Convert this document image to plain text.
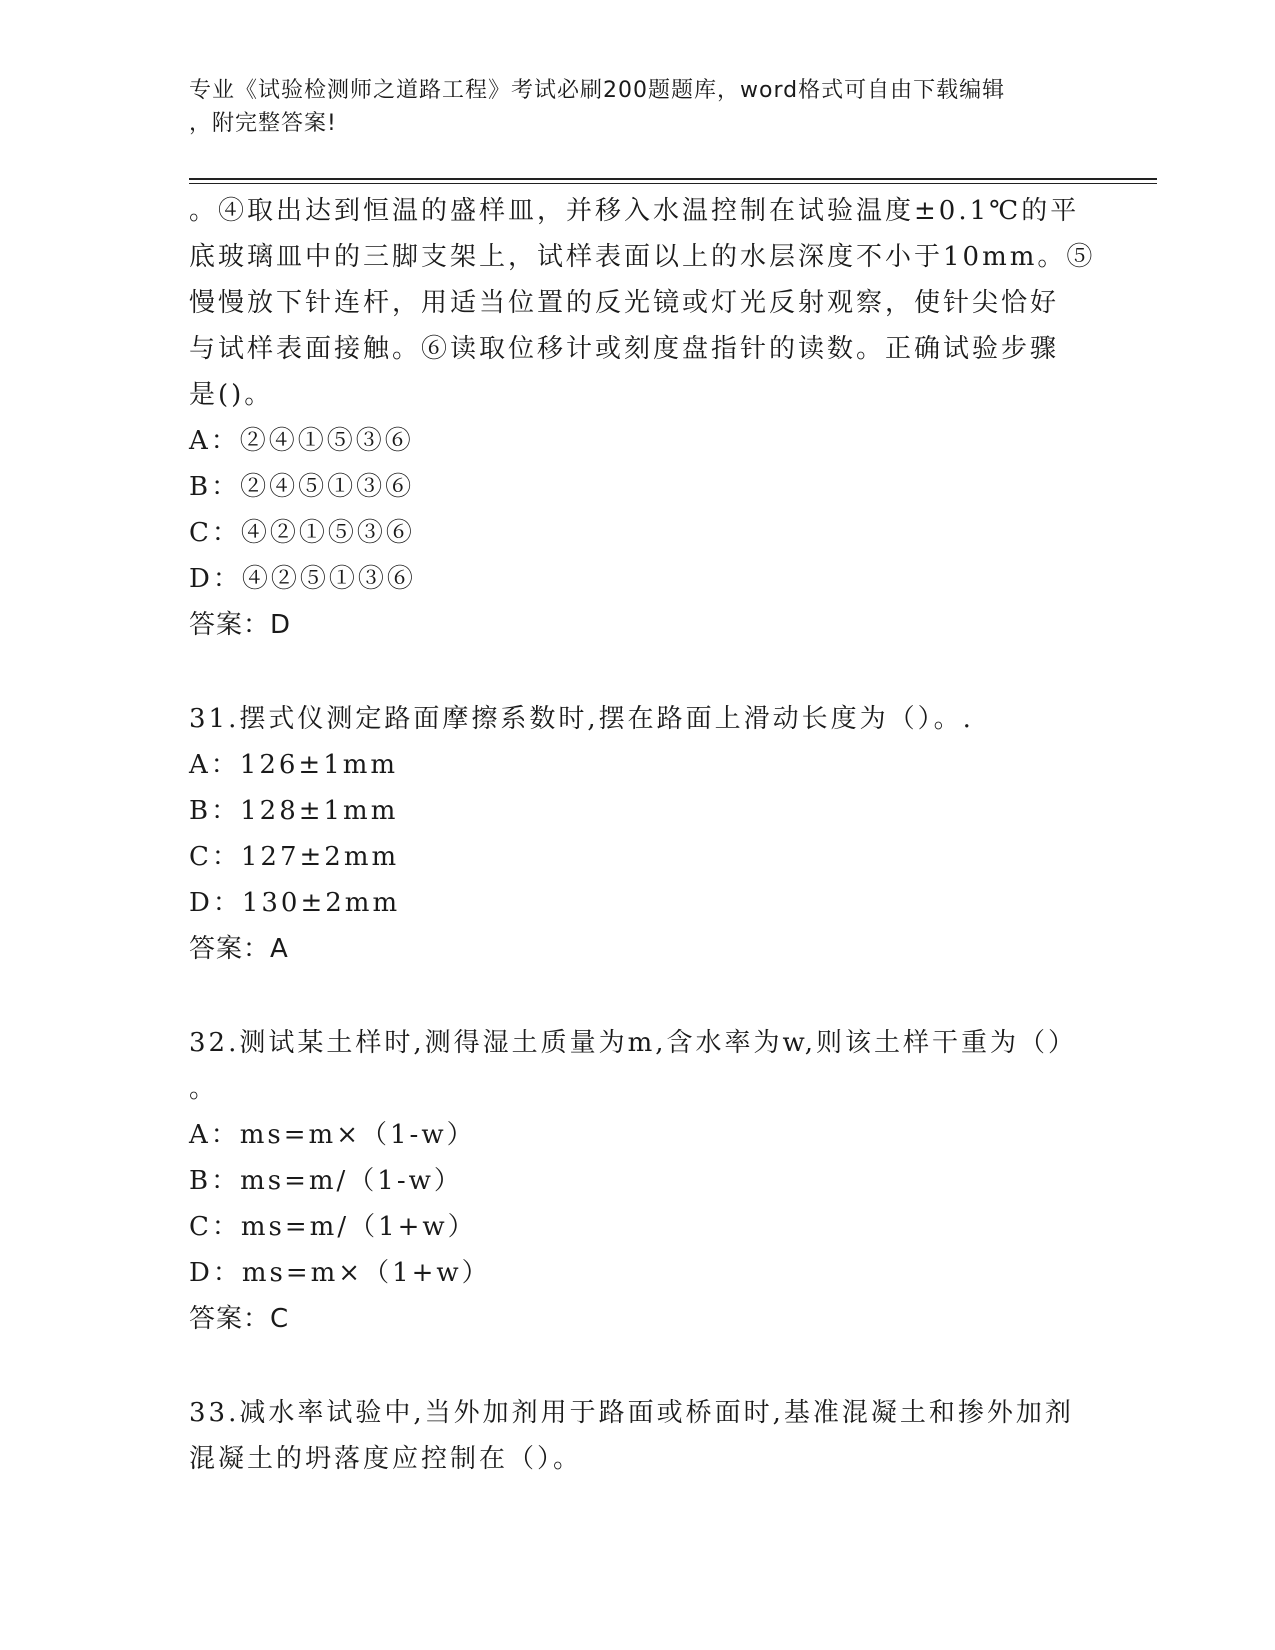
专业《试验检测师之道路工程》考试必刷200题题库，word格式可自由下载编辑
，附完整答案!
。④取出达到恒温的盛样皿，并移入水温控制在试验温度±0.1℃的平
底玻璃皿中的三脚支架上，试样表面以上的水层深度不小于10mm。⑤
慢慢放下针连杆，用适当位置的反光镜或灯光反射观察，使针尖恰好
与试样表面接触。⑥读取位移计或刻度盘指针的读数。正确试验步骤
是()。
A：②④①⑤③⑥
B：②④⑤①③⑥
C：④②①⑤③⑥
D：④②⑤①③⑥
答案：D
31.摆式仪测定路面摩擦系数时,摆在路面上滑动长度为（）。.
A：126±1mm
B：128±1mm
C：127±2mm
D：130±2mm
答案：A
32.测试某土样时,测得湿土质量为m,含水率为w,则该土样干重为（）
。
A：ms=m×（1-w）
B：ms=m/（1-w）
C：ms=m/（1+w）
D：ms=m×（1+w）
答案：C
33.减水率试验中,当外加剂用于路面或桥面时,基准混凝土和掺外加剂
混凝土的坍落度应控制在（）。
